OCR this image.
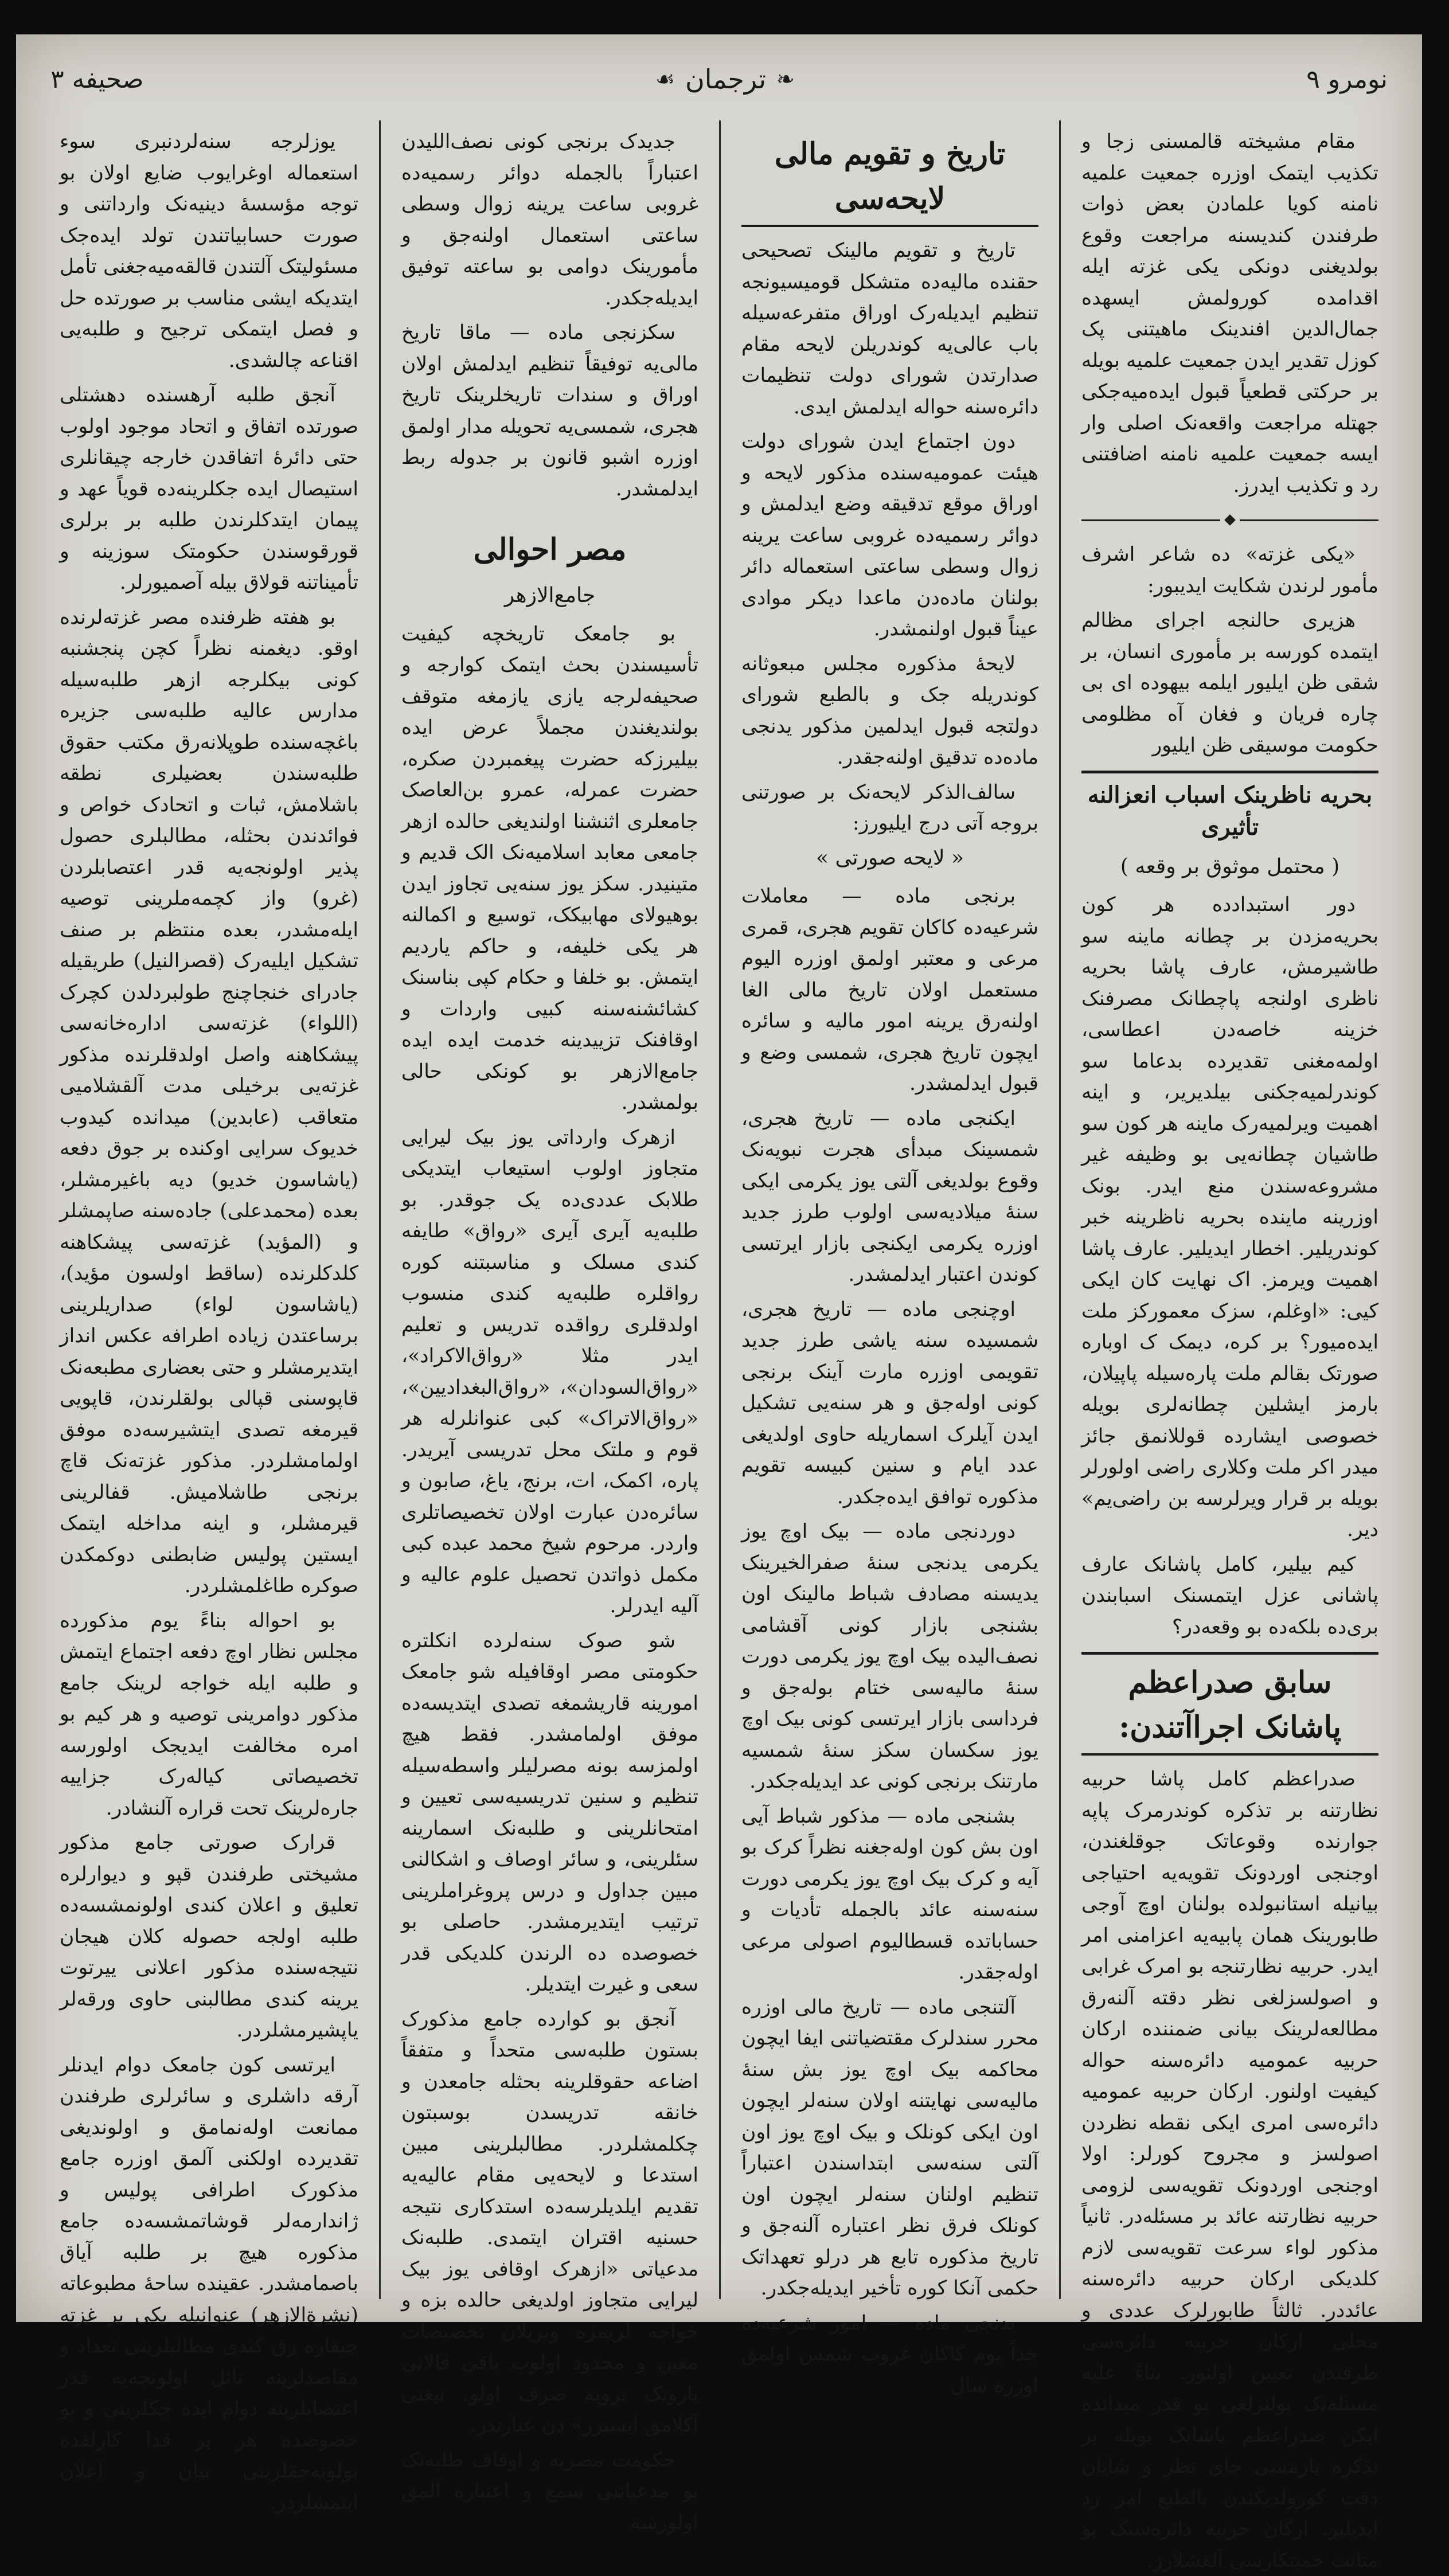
نومرو ٩
❧
ترجمان
☙
صحیفه ٣

مقام مشیخته قالمسنی زجا و تکذیب ایتمک اوزره جمعیت علمیه نامنه کویا علمادن بعض ذوات طرفندن کندیسنه مراجعت وقوع بولدیغنی دونکی یکی غزته ایله اقدامده کورولمش ایسهده جمال‌الدین افندینک ماهیتنی پک کوزل تقدیر ایدن جمعیت علمیه بویله بر حرکتی قطعیاً قبول ایده‌میه‌جکی جهتله مراجعت واقعه‌نک اصلی وار ایسه جمعیت علمیه نامنه اضافتنی رد و تکذیب ایدرز.

«یکی غزته» ده شاعر اشرف مأمور لرندن شکایت ایدیبور:

هزیری حالنجه اجرای مظالم ایتمده کورسه بر مأموری انسان، بر شقی ظن ایلیور ایلمه بیهوده ای بی چاره فریان و فغان آه مظلومی حکومت موسیقی ظن ایلیور

بحریه ناظرینک اسباب انعزالنه تأثیری
( محتمل موثوق بر وقعه )

دور استبدادده هر کون بحریه‌مزدن بر چطانه ماینه سو طاشیرمش، عارف پاشا بحریه ناظری اولنجه پاچطانک مصرفنک خزینه خاصه‌دن اعطاسی، اولمه‌مغنی تقدیرده بدعاما سو کوندرلمیه‌جکنی بیلدیریر، و اینه اهمیت ویرلمیه‌رک ماینه هر کون سو طاشیان چطانه‌یی بو وظیفه غیر مشروعه‌سندن منع ایدر. بونک اوزرینه ماینده بحریه ناظرینه خبر کوندریلیر. اخطار ایدیلیر. عارف پاشا اهمیت ویرمز. اک نهایت کان ایکی کیی: «اوغلم، سزک معمورکز ملت ایده‌میور؟ بر کره، دیمک ک اوباره صورتک بقالم ملت پاره‌سیله پاپیلان، بارمز ایشلین چطانه‌لری بویله خصوصی ایشارده قوللانمق جائز میدر اکر ملت وکلاری راضی اولورلر بویله بر قرار ویرلرسه بن راضی‌یم» دیر.

کیم بیلیر، کامل پاشانک عارف پاشانی عزل ایتمسنک اسبابندن بری‌ده بلکه‌ده بو وقعه‌در؟

سابق صدراعظم پاشانک اجراآتندن:

صدراعظم کامل پاشا حربیه نظارتنه بر تذکره کوندرمرک پاپه جوارنده وقوعاتک جوقلغندن، اوجنجی اوردونک تقویه‌یه احتیاجی بیانیله استانبولده بولنان اوچ آوجی طابورینک همان پابیه‌یه اعزامنی امر ایدر. حربیه نظارتنجه بو امرک غرابی و اصولسزلغی نظر دقته آلنه‌رق مطالعه‌لرینک بیانی ضمننده ارکان حربیه عمومیه دائره‌سنه حواله کیفیت اولنور. ارکان حربیه عمومیه دائره‌سی امری ایکی نقطه نظردن اصولسز و مجروح کورلر: اولا اوجنجی اوردونک تقویه‌سی لزومی حربیه نظارتنه عائد بر مسئله‌در. ثانیاً مذکور لواء سرعت تقویه‌سی لازم کلدیکی ارکان حربیه دائره‌سنه عائددر. ثالثاً طابورلرک عددی و محلی ارکان حربیه دائره‌سی طرفندن تعیین اولنور. بناءً علیه مسئله‌نک بولنزلغی بو قدر میدانده ایکن صدراعظم پاشانک بویله بر تذکره یازمسی جای نظر و شایان دقت کورولدیکندن بالطبع امر رد ایدیلیر. ارکان حربیه دائره‌سنک بو متانت حمیتکارسی آلقشلارز.

تاریخ و تقویم مالی لایحه‌سی

تاریخ و تقویم مالینک تصحیحی حقنده مالیه‌ده متشکل قومیسیونجه تنظیم ایدیله‌رک اوراق متفرعه‌سیله باب عالی‌یه کوندریلن لایحه مقام صدارتدن شورای دولت تنظیمات دائره‌سنه حواله ایدلمش ایدی.

دون اجتماع ایدن شورای دولت هیئت عمومیه‌سنده مذکور لایحه و اوراق موقع تدقیقه وضع ایدلمش و دوائر رسمیه‌ده غروبی ساعت یرینه زوال وسطی ساعتی استعماله دائر بولنان ماده‌دن ماعدا دیکر موادی عیناً قبول اولنمشدر.

لایحهٔ مذکوره مجلس مبعوثانه کوندریله جک و بالطبع شورای دولتجه قبول ایدلمین مذکور یدنجی ماده‌ده تدقیق اولنه‌جقدر.

سالف‌الذکر لایحه‌نک بر صورتنی بروجه آتی درج ایلیورز:

« لایحه صورتی »

برنجی ماده — معاملات شرعیه‌ده کاکان تقویم هجری، قمری مرعی و معتبر اولمق اوزره الیوم مستعمل اولان تاریخ مالی الغا اولنه‌رق یرینه امور مالیه و سائره ایچون تاریخ هجری، شمسی وضع و قبول ایدلمشدر.

ایکنجی ماده — تاریخ هجری، شمسینک مبدأی هجرت نبویه‌نک وقوع بولدیغی آلتی یوز یکرمی ایکی سنهٔ میلادیه‌سی اولوب طرز جدید اوزره یکرمی ایکنجی بازار ایرتسی کوندن اعتبار ایدلمشدر.

اوچنجی ماده — تاریخ هجری، شمسیده سنه یاشی طرز جدید تقویمی اوزره مارت آینک برنجی کونی اوله‌جق و هر سنه‌یی تشکیل ایدن آیلرک اسماریله حاوی اولدیغی عدد ایام و سنین کبیسه تقویم مذکوره توافق ایده‌جکدر.

دوردنجی ماده — بیک اوچ یوز یکرمی یدنجی سنهٔ صفرالخیرینک یدیسنه مصادف شباط مالینک اون بشنجی بازار کونی آقشامی نصف‌الیده بیک اوچ یوز یکرمی دورت سنهٔ مالیه‌سی ختام بوله‌جق و فرداسی بازار ایرتسی کونی بیک اوچ یوز سکسان سکز سنهٔ شمسیه مارتنک برنجی کونی عد ایدیله‌جکدر.

بشنجی ماده — مذکور شباط آیی اون بش کون اوله‌جغنه نظراً کرک بو آیه و کرک بیک اوچ یوز یکرمی دورت سنه‌سنه عائد بالجمله تأدیات و حساباتده قسطالیوم اصولی مرعی اوله‌جقدر.

آلتنجی ماده — تاریخ مالی اوزره محرر سندلرک مقتضیاتنی ایفا ایچون محاکمه بیک اوچ یوز بش سنهٔ مالیه‌سی نهایتنه اولان سنه‌لر ایچون اون ایکی کونلک و بیک اوچ یوز اون آلتی سنه‌سی ابتداسندن اعتباراً تنظیم اولنان سنه‌لر ایچون اون کونلک فرق نظر اعتباره آلنه‌جق و تاریخ مذکوره تابع هر درلو تعهداتک حکمی آنکا کوره تأخیر ایدیله‌جکدر.

یدنجی ماده — امور شرعیه‌ده جداً یوم کاکان غروب شمس اولمق اوزره سال

جدیدک برنجی کونی نصف‌اللیدن اعتباراً بالجمله دوائر رسمیه‌ده غروبی ساعت یرینه زوال وسطی ساعتی استعمال اولنه‌جق و مأمورینک دوامی بو ساعته توفیق ایدیله‌جکدر.

سکزنجی ماده — ماقا تاریخ مالی‌یه توفیقاً تنظیم ایدلمش اولان اوراق و سندات تاریخلرینک تاریخ هجری، شمسی‌یه تحویله مدار اولمق اوزره اشبو قانون بر جدوله ربط ایدلمشدر.

مصر احوالی
جامع‌الازهر

بو جامعک تاریخچه کیفیت تأسیسندن بحث ایتمک کوارجه و صحیفه‌لرجه یازی یازمغه متوقف بولندیغندن مجملاً عرض ایده بیلیرزکه حضرت پیغمبردن صکره، حضرت عمرله، عمرو بن‌العاصک جامعلری اثنشنا اولندیغی حالده ازهر جامعی معابد اسلامیه‌نک الک قدیم و متینیدر. سکز یوز سنه‌یی تجاوز ایدن بوهیولای مهابیکک، توسیع و اکمالنه هر یکی خلیفه، و حاکم یاردیم ایتمش. بو خلفا و حکام کپی بناسنک کشائشنه‌سنه کبیی واردات و اوقافنک تزییدینه خدمت ایده ایده جامع‌الازهر بو کونکی حالی بولمشدر.

ازهرک وارداتی یوز بیک لیرایی متجاوز اولوب استیعاب ایتدیکی طلابک عددی‌ده یک جوقدر. بو طلبه‌یه آیری آیری «رواق» طایفه کندی مسلک و مناسبتنه کوره رواقلره طلبه‌یه کندی منسوب اولدقلری رواقده تدریس و تعلیم ایدر مثلا «رواق‌الاکراد»، «رواق‌السودان»، «رواق‌البغدادیین»، «رواق‌الاتراک» کبی عنوانلرله هر قوم و ملتک محل تدریسی آیریدر. پاره، اکمک، ات، برنج، یاغ، صابون و سائره‌دن عبارت اولان تخصیصاتلری واردر. مرحوم شیخ محمد عبده کبی مکمل ذواتدن تحصیل علوم عالیه و آلیه ایدرلر.

شو صوک سنه‌لرده انکلتره حکومتی مصر اوقافیله شو جامعک امورینه قاریشمغه تصدی ایتدیسه‌ده موفق اولمامشدر. فقط هیچ اولمزسه بونه مصرلیلر واسطه‌سیله تنظیم و سنین تدریسیه‌سی تعیین و امتحانلرینی و طلبه‌نک اسمارینه سئلرینی، و سائر اوصاف و اشکالنی مبین جداول و درس پروغراملرینی ترتیب ایتدیرمشدر. حاصلی بو خصوصده ده الرندن کلدیکی قدر سعی و غیرت ایتدیلر.

آنجق بو کوارده جامع مذکورک بستون طلبه‌سی متحداً و متفقاً اضاعه حقوقلرینه بحثله جامعدن و خانقه تدریسدن بوسبتون چکلمشلردر. مطالبلرینی مبین استدعا و لایحه‌یی مقام عالیه‌یه تقدیم ایلدیلرسه‌ده استدکاری نتیجه حسنیه اقتران ایتمدی. طلبه‌نک مدعیاتی «ازهرک اوقافی یوز بیک لیرایی متجاوز اولدیغی حالده بزه و خواجه لریمزه ویریلان تخصیصات معین و محدود اولوب باقی قالانی یارونک نرویه صرف اولو. نیغنی آکلامق ایسترز» دن عبارتدر.

حکومت مصریه و اوقاف طلبه‌نک بو مدعیاتنی سمع و اعتباره آلمق اولورسه

یوزلرجه سنه‌لردنبری سوء استعماله اوغرایوب ضایع اولان بو توجه مؤسسهٔ دینیه‌نک وارداتنی و صورت حسابیاتندن تولد ایده‌جک مسئولیتک آلتندن قالقه‌میه‌جغنی تأمل ایتدیکه ایشی مناسب بر صورتده حل و فصل ایتمکی ترجیح و طلبه‌یی اقناعه چالشدی.

آنجق طلبه آرهسنده دهشتلی صورتده اتفاق و اتحاد موجود اولوب حتی دائرهٔ اتفاقدن خارجه چیقانلری استیصال ایده جکلرینه‌ده قویاً عهد و پیمان ایتدکلرندن طلبه بر برلری قورقوسندن حکومتک سوزینه و تأمیناتنه قولاق بیله آصمیورلر.

بو هفته ظرفنده مصر غزته‌لرنده اوقو. دیغمنه نظراً کچن پنجشنبه کونی بیکلرجه ازهر طلبه‌سیله مدارس عالیه طلبه‌سی جزیره باغچه‌سنده طوپلانه‌رق مکتب حقوق طلبه‌سندن بعضیلری نطقه باشلامش، ثبات و اتحادک خواص و فوائدندن بحثله، مطالبلری حصول پذیر اولونجه‌یه قدر اعتصابلردن (غرو) واز کچمه‌ملرینی توصیه ایله‌مشدر، بعده منتظم بر صنف تشکیل ایلیه‌رک (قصرالنیل) طریقیله جادرای خنجاچنج طولبردلدن کچرک (اللواء) غزته‌سی اداره‌خانه‌سی پیشکاهنه واصل اولدقلرنده مذکور غزته‌یی برخیلی مدت آلقشلامیی متعاقب (عابدین) میدانده کیدوب خدیوک سرایی اوکنده بر جوق دفعه (یاشاسون خدیو) دیه باغیرمشلر، بعده (محمدعلی) جاده‌سنه صاپمشلر و (المؤید) غزته‌سی پیشکاهنه کلدکلرنده (ساقط اولسون مؤید)، (یاشاسون لواء) صداریلرینی برساعتدن زیاده اطرافه عکس انداز ایتدیرمشلر و حتی بعضاری مطبعه‌نک قاپوسنی قپالی بولقلرندن، قاپویی قیرمغه تصدی ایتشیرسه‌ده موفق اولمامشلردر. مذکور غزته‌نک قاچ برنجی طاشلامیش. قفالرینی قیرمشلر، و اینه مداخله ایتمک ایستین پولیس ضابطنی دوکمکدن صوکره طاغلمشلردر.

بو احواله بناءً یوم مذکورده مجلس نظار اوچ دفعه اجتماع ایتمش و طلبه ایله خواجه لرینک جامع مذکور دوامرینی توصیه و هر کیم بو امره مخالفت ایدیجک اولورسه تخصیصاتی کیاله‌رک جزاییه جاره‌لرینک تحت قراره آلنشادر.

قرارک صورتی جامع مذکور مشیختی طرفندن قپو و دیوارلره تعلیق و اعلان کندی اولونمشسه‌ده طلبه اولجه حصوله کلان هیجان نتیجه‌سنده مذکور اعلانی ییرتوت یرینه کندی مطالبنی حاوی ورقه‌لر یاپشیرمشلردر.

ایرتسی کون جامعک دوام ایدنلر آرقه داشلری و سائرلری طرفندن ممانعت اوله‌نمامق و اولوندیغی تقدیرده اولکنی آلمق اوزره جامع مذکورک اطرافی پولیس و ژاندارمه‌لر قوشاتمشسه‌ده جامع مذکوره هیچ بر طلبه آیاق باصمامشدر. عقینده ساحهٔ مطبوعاته (نشرةالازهر) عنوانیله یکی بر غزته چیقاره رق کندی مطالبلرینی تعداد و مقاصدلرینه نائل اولونجه‌یه قدر اعتصابلرینه دوام ایده جکلرینی و بو خصوصده هر بر فدا کارلقده بولونه‌جقلرینی بیان و اعلان ایتمشلردر.
